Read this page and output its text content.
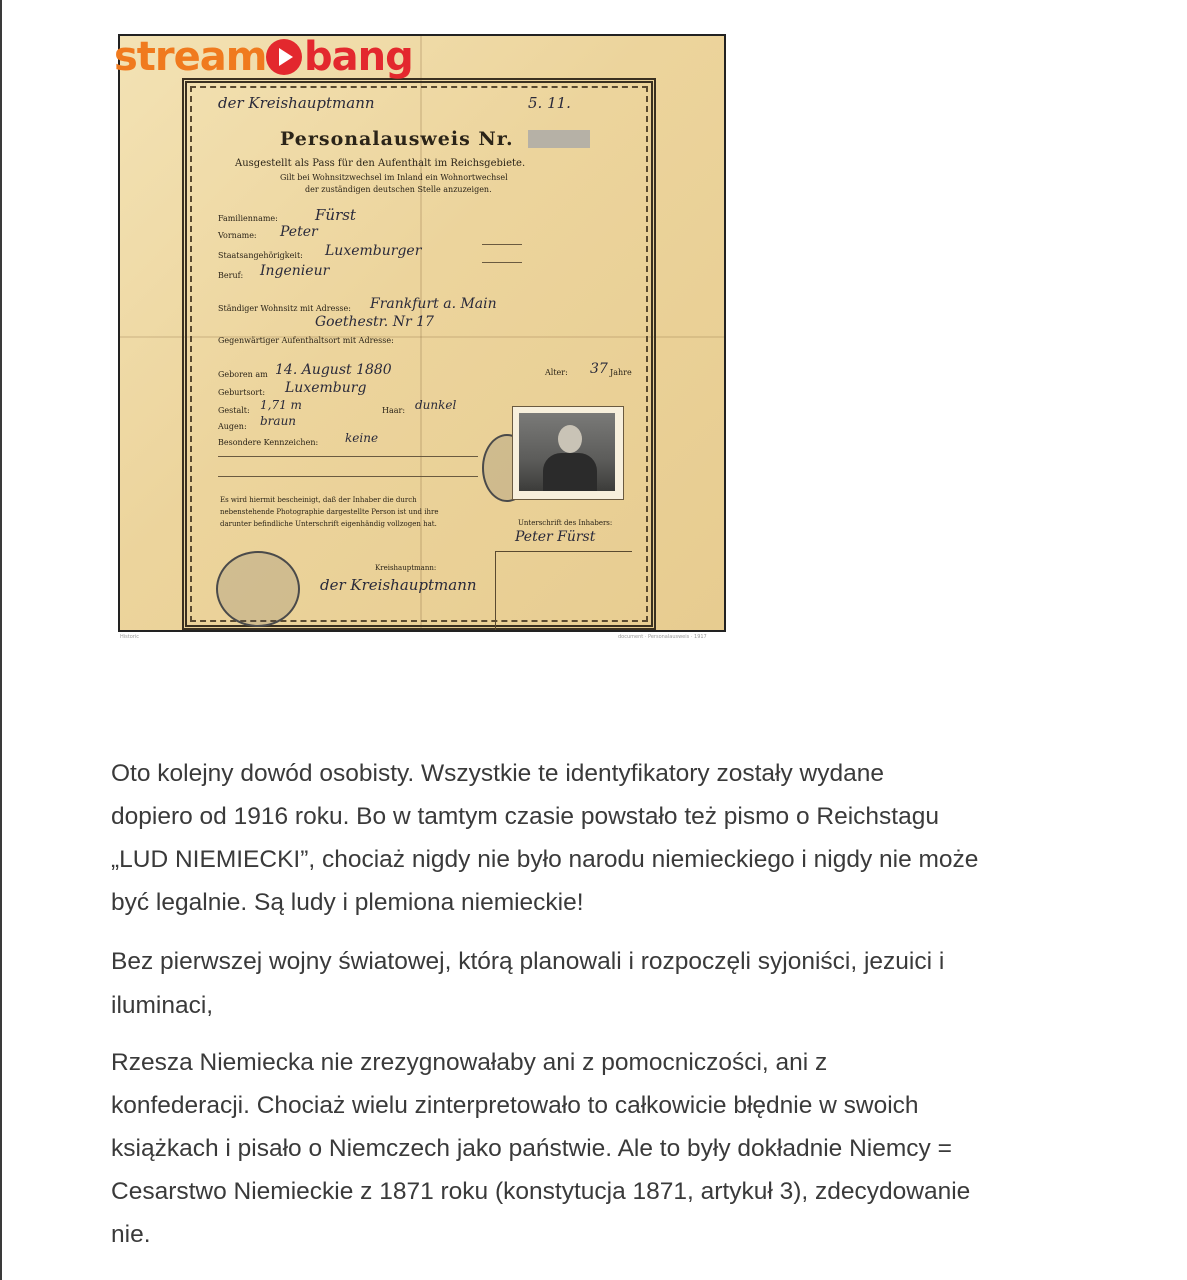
der Kreishauptmann	5. 11.
Personalausweis Nr.
Ausgestellt als Pass für den Aufenthalt im Reichsgebiete.
Gilt bei Wohnsitzwechsel im Inland ein Wohnortwechsel
der zuständigen deutschen Stelle anzuzeigen.
Familienname: Fürst
Vorname: Peter
Staatsangehörigkeit: Luxemburger
Beruf: Ingenieur
Ständiger Wohnsitz mit Adresse: Frankfurt a. Main
Goethestr. Nr 17
Gegenwärtiger Aufenthaltsort mit Adresse:
Geboren am 14. August 1880	Alter: 37 Jahre
Geburtsort: Luxemburg
Gestalt: 1,71 m	Haar: dunkel
Augen: braun
Besondere Kennzeichen: keine
Es wird hiermit bescheinigt, daß der Inhaber die durch
nebenstehende Photographie dargestellte Person ist und ihre
darunter befindliche Unterschrift eigenhändig vollzogen hat.	Unterschrift des Inhabers:
Peter Fürst
Kreishauptmann:
der Kreishauptmann
stream bang
Historic	document · Personalausweis · 1917

Oto kolejny dowód osobisty. Wszystkie te identyfikatory zostały wydane
dopiero od 1916 roku. Bo w tamtym czasie powstało też pismo o Reichstagu
„LUD NIEMIECKI”, chociaż nigdy nie było narodu niemieckiego i nigdy nie może
być legalnie. Są ludy i plemiona niemieckie!

Bez pierwszej wojny światowej, którą planowali i rozpoczęli syjoniści, jezuici i
iluminaci,

Rzesza Niemiecka nie zrezygnowałaby ani z pomocniczości, ani z
konfederacji. Chociaż wielu zinterpretowało to całkowicie błędnie w swoich
książkach i pisało o Niemczech jako państwie. Ale to były dokładnie Niemcy =
Cesarstwo Niemieckie z 1871 roku (konstytucja 1871, artykuł 3), zdecydowanie
nie.
